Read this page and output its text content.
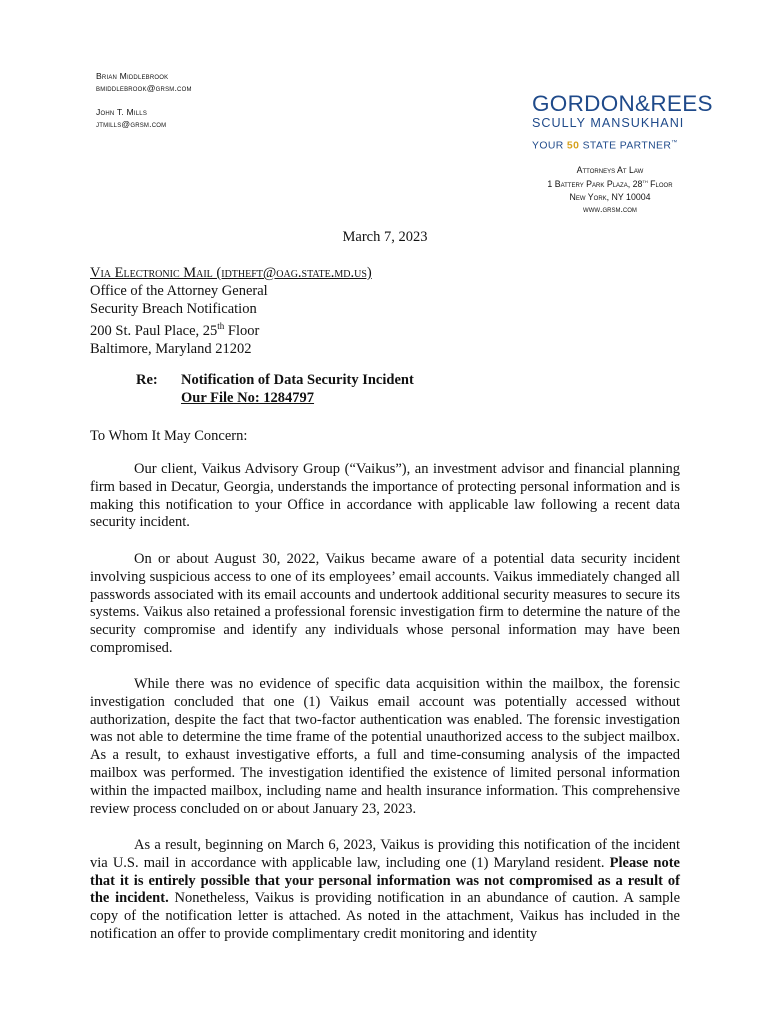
Brian Middlebrook
bmiddlebrook@grsm.com
John T. Mills
jtmills@grsm.com
GORDON&REES
SCULLY MANSUKHANI
YOUR 50 STATE PARTNER™
Attorneys At Law
1 Battery Park Plaza, 28th Floor
New York, NY 10004
www.grsm.com
March 7, 2023
Via Electronic Mail (idtheft@oag.state.md.us)
Office of the Attorney General
Security Breach Notification
200 St. Paul Place, 25th Floor
Baltimore, Maryland 21202
Re: Notification of Data Security Incident
Our File No: 1284797
To Whom It May Concern:

Our client, Vaikus Advisory Group (“Vaikus”), an investment advisor and financial planning firm based in Decatur, Georgia, understands the importance of protecting personal information and is making this notification to your Office in accordance with applicable law following a recent data security incident.

On or about August 30, 2022, Vaikus became aware of a potential data security incident involving suspicious access to one of its employees’ email accounts. Vaikus immediately changed all passwords associated with its email accounts and undertook additional security measures to secure its systems. Vaikus also retained a professional forensic investigation firm to determine the nature of the security compromise and identify any individuals whose personal information may have been compromised.

While there was no evidence of specific data acquisition within the mailbox, the forensic investigation concluded that one (1) Vaikus email account was potentially accessed without authorization, despite the fact that two-factor authentication was enabled. The forensic investigation was not able to determine the time frame of the potential unauthorized access to the subject mailbox. As a result, to exhaust investigative efforts, a full and time-consuming analysis of the impacted mailbox was performed. The investigation identified the existence of limited personal information within the impacted mailbox, including name and health insurance information. This comprehensive review process concluded on or about January 23, 2023.

As a result, beginning on March 6, 2023, Vaikus is providing this notification of the incident via U.S. mail in accordance with applicable law, including one (1) Maryland resident. Please note that it is entirely possible that your personal information was not compromised as a result of the incident. Nonetheless, Vaikus is providing notification in an abundance of caution. A sample copy of the notification letter is attached. As noted in the attachment, Vaikus has included in the notification an offer to provide complimentary credit monitoring and identity
